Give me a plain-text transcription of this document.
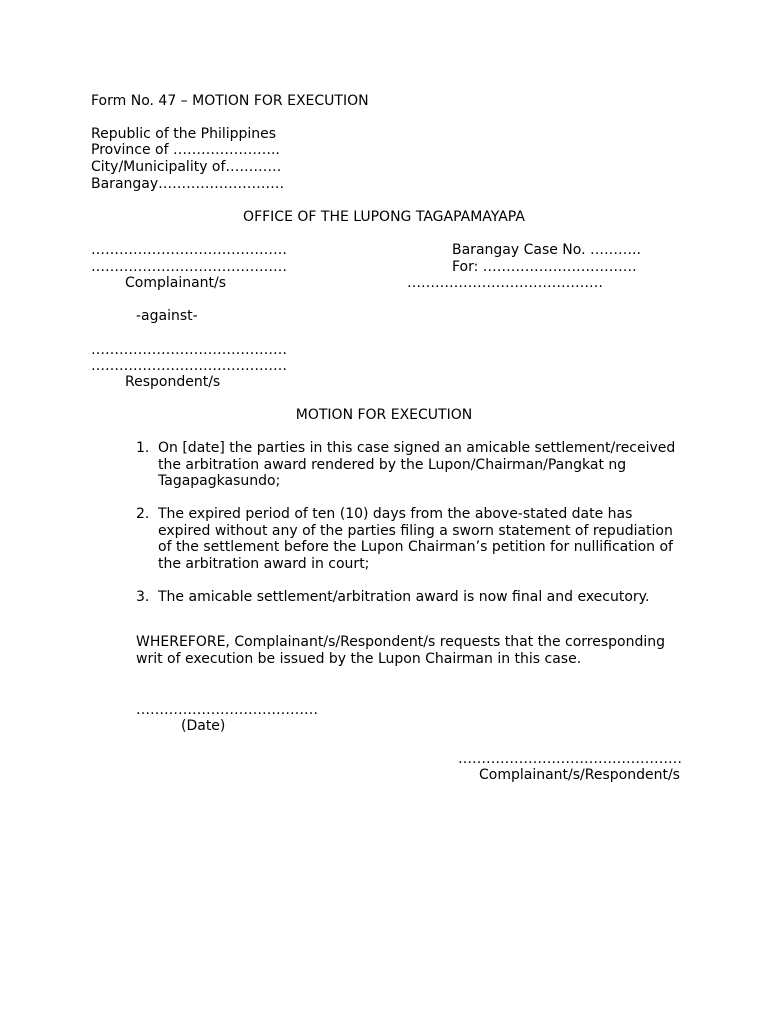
Form No. 47 – MOTION FOR EXECUTION
Republic of the Philippines
Province of …………………..
City/Municipality of…………
Barangay………………………
OFFICE OF THE LUPONG TAGAPAMAYAPA
……………………………………
……………………………………
Complainant/s
Barangay Case No. ………..
For: ……………………………
……………………………………
-against-
……………………………………
……………………………………
Respondent/s
MOTION FOR EXECUTION
1. On [date] the parties in this case signed an amicable settlement/received the arbitration award rendered by the Lupon/Chairman/Pangkat ng Tagapagkasundo;
2. The expired period of ten (10) days from the above-stated date has expired without any of the parties filing a sworn statement of repudiation of the settlement before the Lupon Chairman’s petition for nullification of the arbitration award in court;
3. The amicable settlement/arbitration award is now final and executory.
WHEREFORE, Complainant/s/Respondent/s requests that the corresponding writ of execution be issued by the Lupon Chairman in this case.
…………………………………
(Date)
…………………………………………
Complainant/s/Respondent/s
